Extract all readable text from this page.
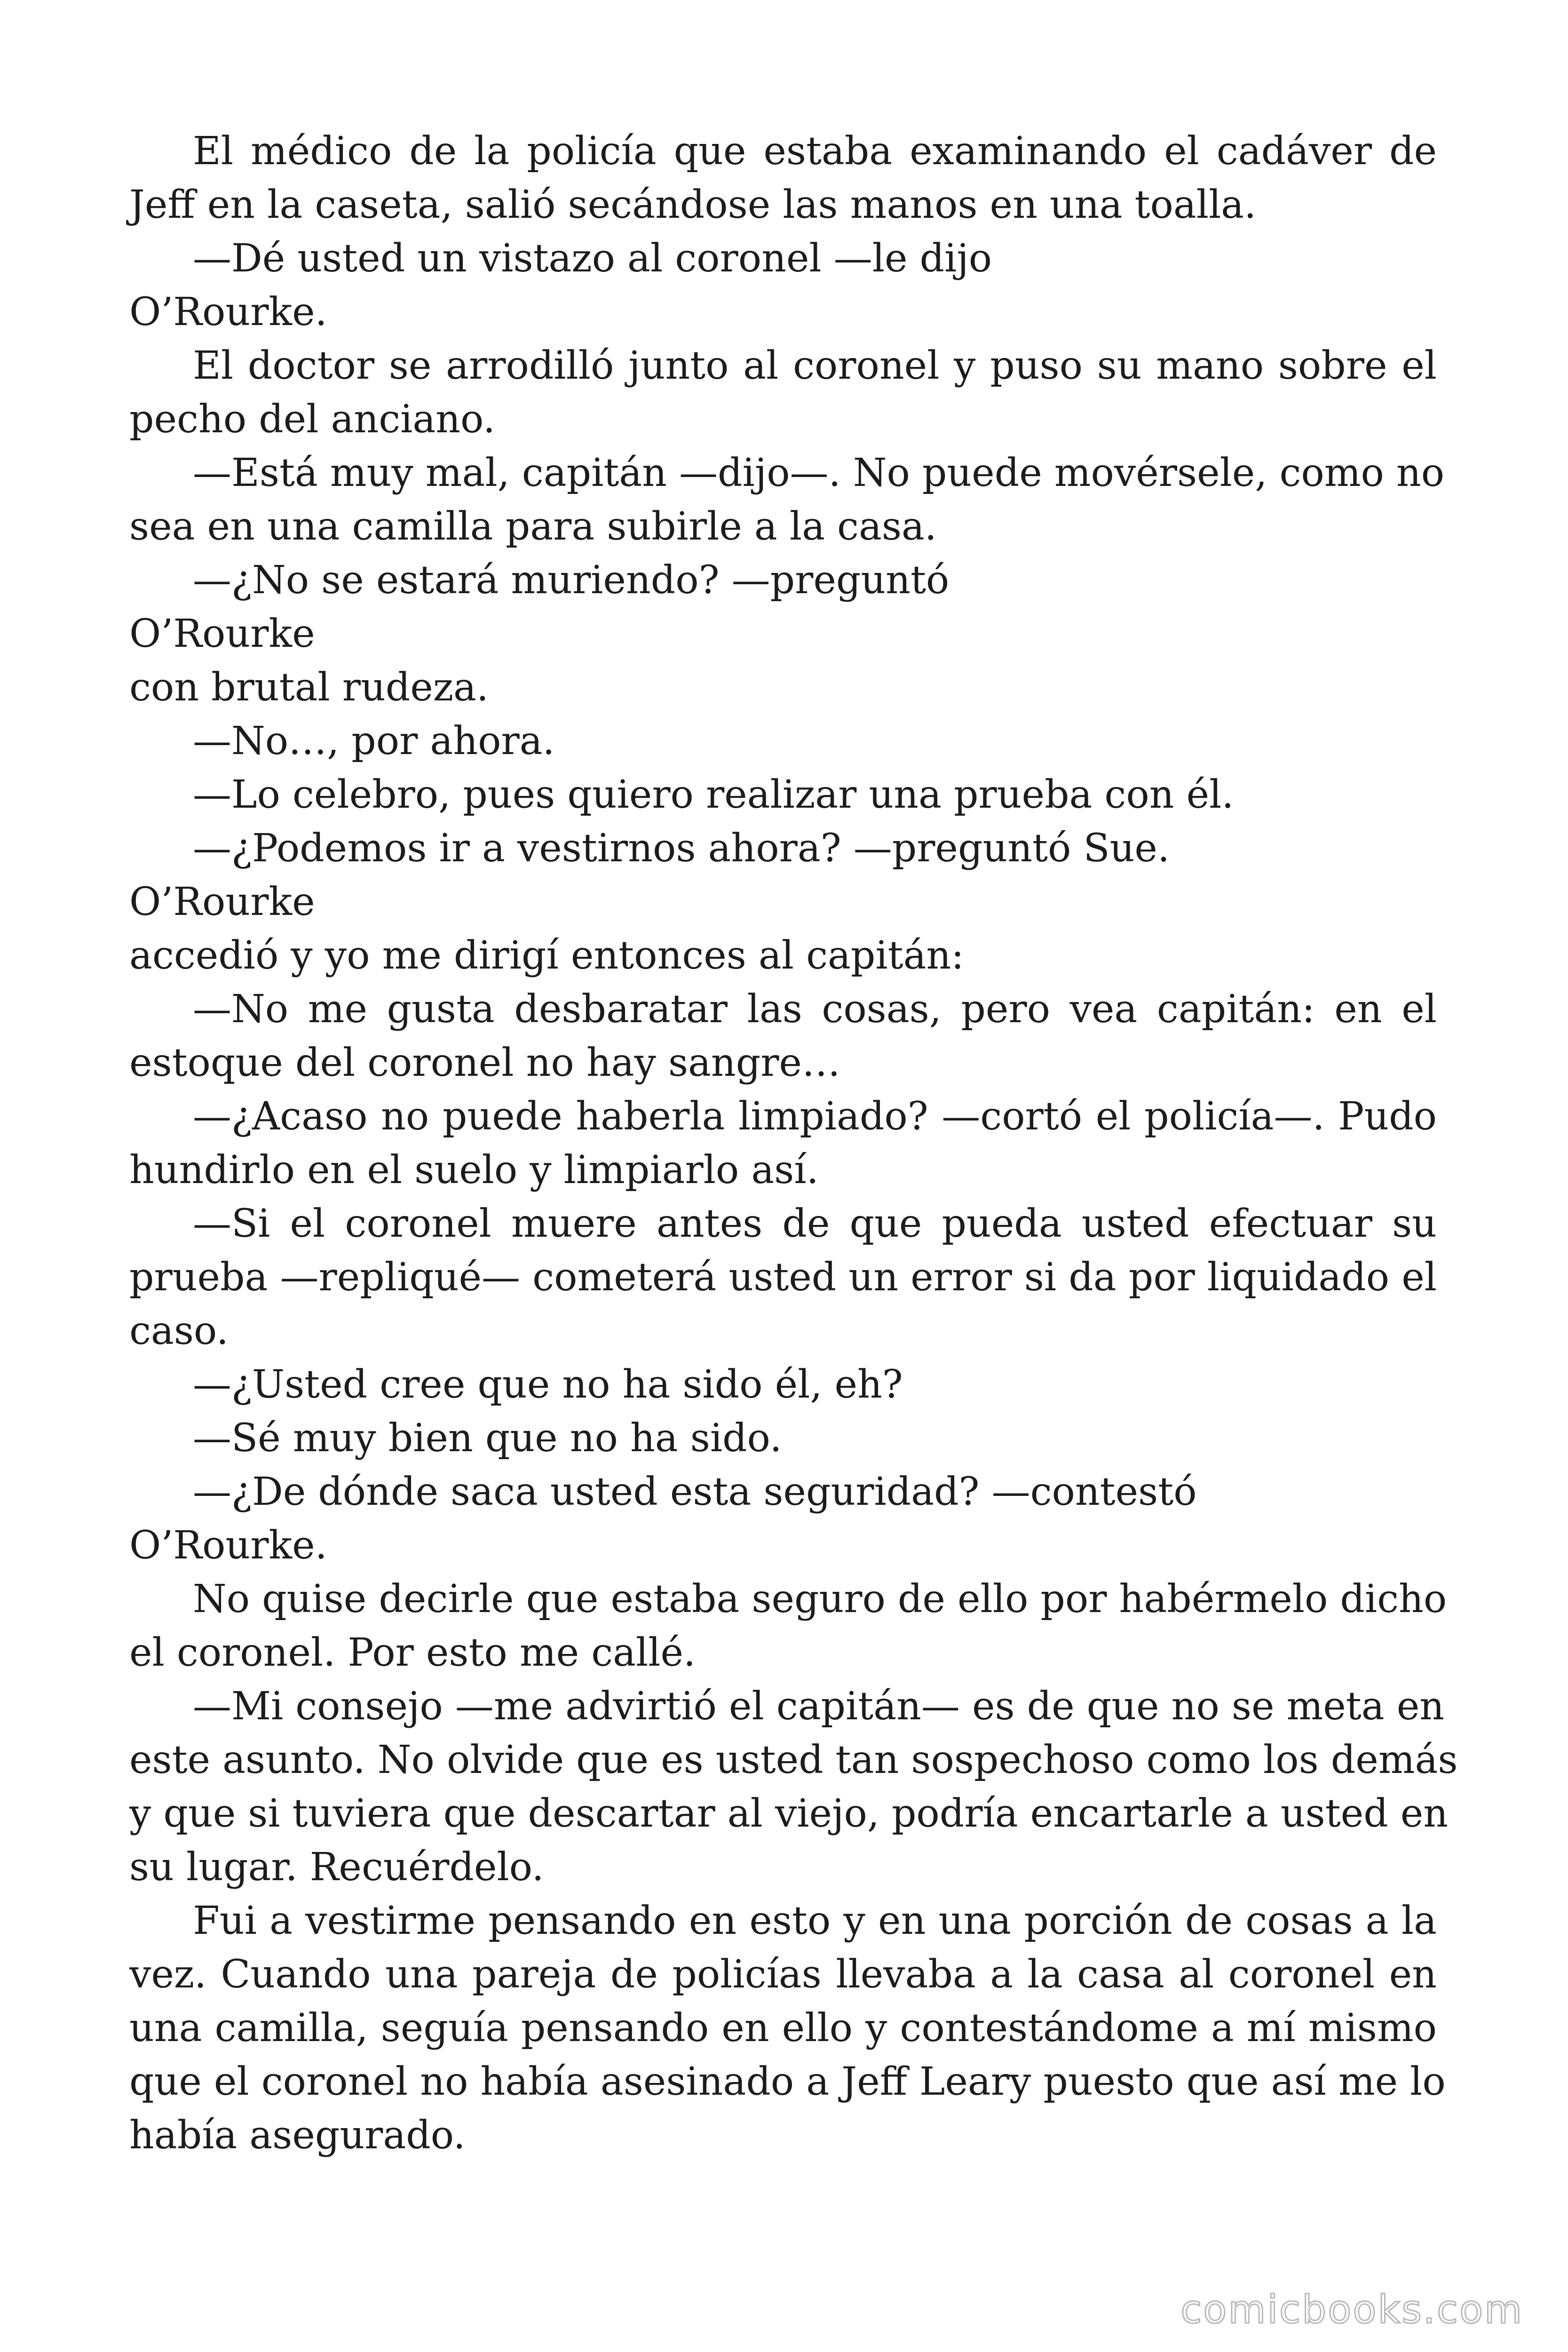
El médico de la policía que estaba examinando el cadáver de
Jeff en la caseta, salió secándose las manos en una toalla.
—Dé usted un vistazo al coronel —le dijo
O’Rourke.
El doctor se arrodilló junto al coronel y puso su mano sobre el
pecho del anciano.
—Está muy mal, capitán —dijo—. No puede movérsele, como no
sea en una camilla para subirle a la casa.
—¿No se estará muriendo? —preguntó
O’Rourke
con brutal rudeza.
—No…, por ahora.
—Lo celebro, pues quiero realizar una prueba con él.
—¿Podemos ir a vestirnos ahora? —preguntó Sue.
O’Rourke
accedió y yo me dirigí entonces al capitán:
—No me gusta desbaratar las cosas, pero vea capitán: en el
estoque del coronel no hay sangre…
—¿Acaso no puede haberla limpiado? —cortó el policía—. Pudo
hundirlo en el suelo y limpiarlo así.
—Si el coronel muere antes de que pueda usted efectuar su
prueba —repliqué— cometerá usted un error si da por liquidado el
caso.
—¿Usted cree que no ha sido él, eh?
—Sé muy bien que no ha sido.
—¿De dónde saca usted esta seguridad? —contestó
O’Rourke.
No quise decirle que estaba seguro de ello por habérmelo dicho
el coronel. Por esto me callé.
—Mi consejo —me advirtió el capitán— es de que no se meta en
este asunto. No olvide que es usted tan sospechoso como los demás
y que si tuviera que descartar al viejo, podría encartarle a usted en
su lugar. Recuérdelo.
Fui a vestirme pensando en esto y en una porción de cosas a la
vez. Cuando una pareja de policías llevaba a la casa al coronel en
una camilla, seguía pensando en ello y contestándome a mí mismo
que el coronel no había asesinado a Jeff Leary puesto que así me lo
había asegurado.
comicbooks.com
